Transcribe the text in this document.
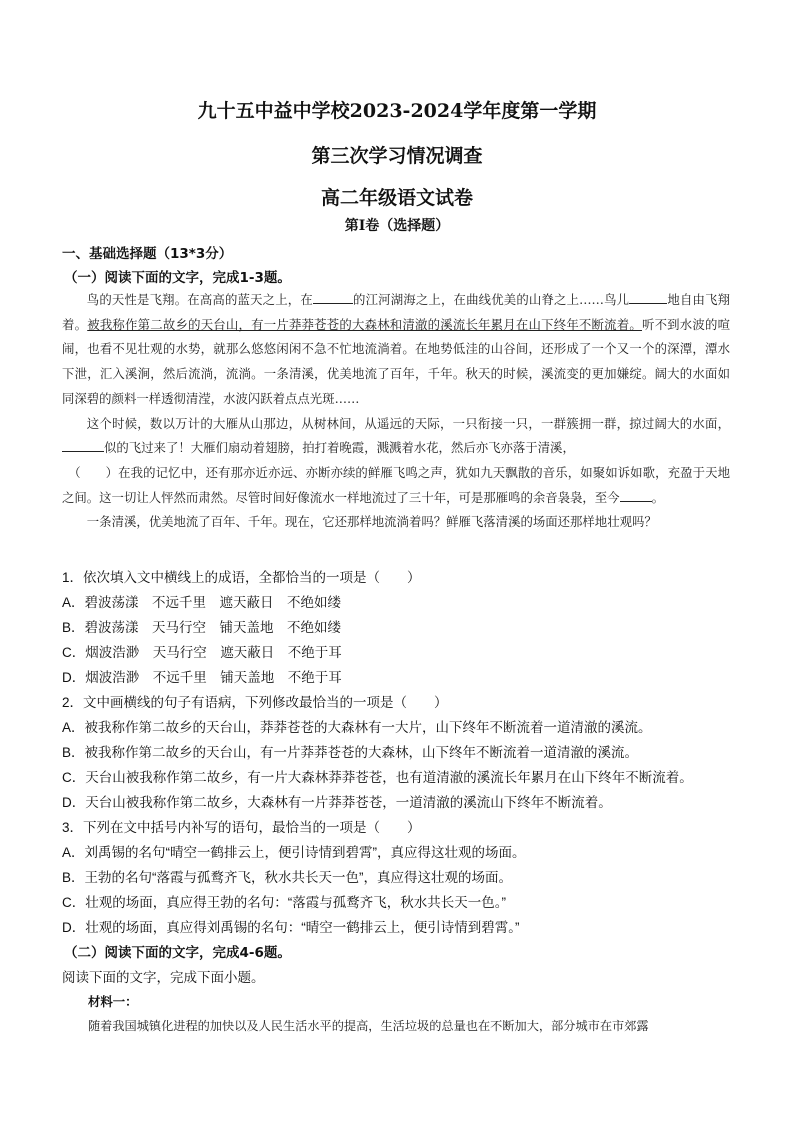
九十五中益中学校2023-2024学年度第一学期
第三次学习情况调查
高二年级语文试卷
第I卷（选择题）
一、基础选择题（13*3分）
（一）阅读下面的文字，完成1-3题。

鸟的天性是飞翔。在高高的蓝天之上，在	的江河湖海之上，在曲线优美的山脊之上……鸟儿	地自由飞翔着。被我称作第二故乡的天台山，有一片莽莽苍苍的大森林和清澈的溪流长年累月在山下终年不断流着。听不到水波的喧闹，也看不见壮观的水势，就那么悠悠闲闲不急不忙地流淌着。在地势低洼的山谷间，还形成了一个又一个的深潭，潭水下泄，汇入溪涧，然后流淌，流淌。一条清溪，优美地流了百年，千年。秋天的时候，溪流变的更加嫌绽。阔大的水面如同深碧的颜料一样透彻清滢，水波闪跃着点点光斑……

这个时候，数以万计的大雁从山那边，从树林间，从遥远的天际，一只衔接一只，一群簇拥一群，掠过阔大的水面，似的飞过来了！大雁们扇动着翅膀，拍打着晚霞，溅溅着水花，然后亦飞亦落于清溪，

（　　）在我的记忆中，还有那亦近亦远、亦断亦续的鲜雁飞鸣之声，犹如九天飘散的音乐，如聚如诉如歌，充盈于天地之间。这一切让人怦然而肃然。尽管时间好像流水一样地流过了三十年，可是那雁鸣的余音袅袅，至今	。

一条清溪，优美地流了百年、千年。现在，它还那样地流淌着吗？鲜雁飞落清溪的场面还那样地壮观吗？

1．依次填入文中横线上的成语，全都恰当的一项是（　　）
A．碧波荡漾　不远千里　遮天蔽日　不绝如缕
B．碧波荡漾　天马行空　铺天盖地　不绝如缕
C．烟波浩渺　天马行空　遮天蔽日　不绝于耳
D．烟波浩渺　不远千里　铺天盖地　不绝于耳
2．文中画横线的句子有语病，下列修改最恰当的一项是（　　）
A．被我称作第二故乡的天台山，莽莽苍苍的大森林有一大片，山下终年不断流着一道清澈的溪流。
B．被我称作第二故乡的天台山，有一片莽莽苍苍的大森林，山下终年不断流着一道清澈的溪流。
C．天台山被我称作第二故乡，有一片大森林莽莽苍苍，也有道清澈的溪流长年累月在山下终年不断流着。
D．天台山被我称作第二故乡，大森林有一片莽莽苍苍，一道清澈的溪流山下终年不断流着。
3．下列在文中括号内补写的语句，最恰当的一项是（　　）
A．刘禹锡的名句“晴空一鹤排云上，便引诗情到碧霄”，真应得这壮观的场面。
B．王勃的名句“落霞与孤鹜齐飞，秋水共长天一色”，真应得这壮观的场面。
C．壮观的场面，真应得王勃的名句：“落霞与孤鹜齐飞，秋水共长天一色。”
D．壮观的场面，真应得刘禹锡的名句：“晴空一鹤排云上，便引诗情到碧霄。”
（二）阅读下面的文字，完成4-6题。
阅读下面的文字，完成下面小题。
材料一：
随着我国城镇化进程的加快以及人民生活水平的提高，生活垃圾的总量也在不断加大，部分城市在市郊露
